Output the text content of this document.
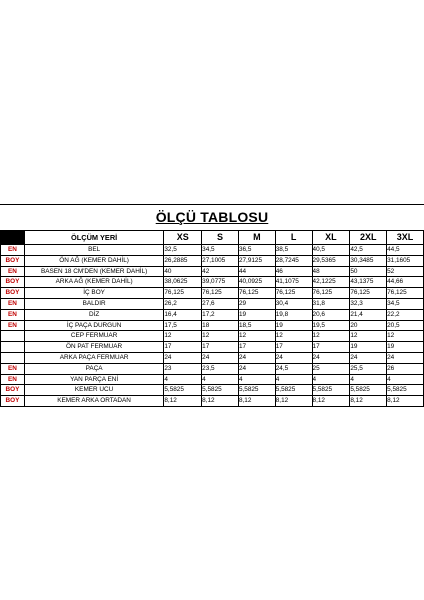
ÖLÇÜ TABLOSU
	ÖLÇÜM YERİ	XS	S	M	L	XL	2XL	3XL
EN	BEL	32,5	34,5	36,5	38,5	40,5	42,5	44,5
BOY	ÖN AĞ (KEMER DAHİL)	26,2885	27,1005	27,9125	28,7245	29,5365	30,3485	31,1605
EN	BASEN 18 CM'DEN (KEMER DAHİL)	40	42	44	46	48	50	52
BOY	ARKA AĞ (KEMER DAHİL)	38,0625	39,0775	40,0925	41,1075	42,1225	43,1375	44,66
BOY	İÇ BOY	76,125	76,125	76,125	76,125	76,125	76,125	76,125
EN	BALDIR	26,2	27,6	29	30,4	31,8	32,3	34,5
EN	DİZ	16,4	17,2	19	19,8	20,6	21,4	22,2
EN	İÇ PAÇA DURGUN	17,5	18	18,5	19	19,5	20	20,5
	CEP FERMUAR	12	12	12	12	12	12	12
	ÖN PAT FERMUAR	17	17	17	17	17	19	19
	ARKA PAÇA FERMUAR	24	24	24	24	24	24	24
EN	PAÇA	23	23,5	24	24,5	25	25,5	26
EN	YAN PARÇA ENİ	4	4	4	4	4	4	4
BOY	KEMER UCU	5,5825	5,5825	5,5825	5,5825	5,5825	5,5825	5,5825
BOY	KEMER ARKA ORTADAN	8,12	8,12	8,12	8,12	8,12	8,12	8,12
